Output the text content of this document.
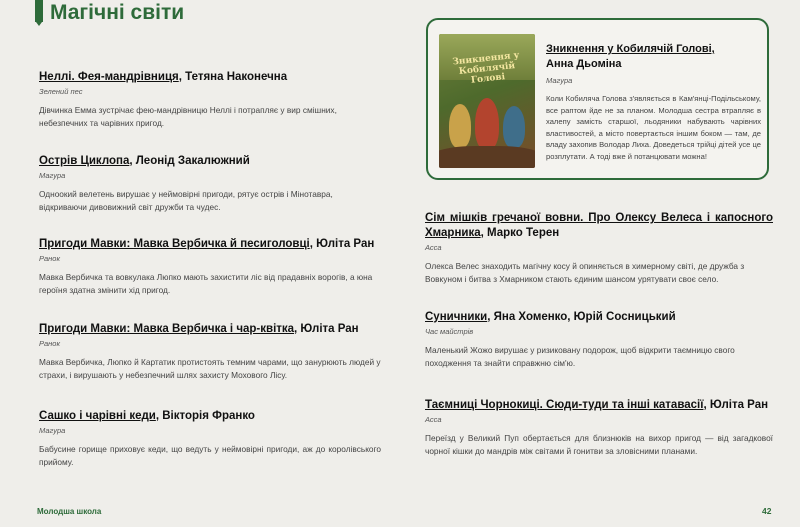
Магічні світи
Неллі. Фея-мандрівниця, Тетяна Наконечна
Зелений пес
Дівчинка Емма зустрічає фею-мандрівницю Неллі і потрапляє у вир смішних, небезпечних та чарівних пригод.
Острів Циклопа, Леонід Закалюжний
Магура
Одноокий велетень вирушає у неймовірні пригоди, рятує острів і Мінотавра, відкриваючи дивовижний світ дружби та чудес.
Пригоди Мавки: Мавка Вербичка й песиголовці, Юліта Ран
Ранок
Мавка Вербичка та вовкулака Люпко мають захистити ліс від прадавніх ворогів, а юна героїня здатна змінити хід пригод.
Пригоди Мавки: Мавка Вербичка і чар-квітка, Юліта Ран
Ранок
Мавка Вербичка, Люпко й Картатик протистоять темним чарами, що занурюють людей у страхи, і вирушають у небезпечний шлях захисту Мохового Лісу.
Сашко і чарівні кеди, Вікторія Франко
Магура
Бабусине горище приховує кеди, що ведуть у неймовірні пригоди, аж до королівського прийому.
Зникнення у Кобилячій Голові
Зникнення у Кобилячій Голові,
Анна Дьоміна
Магура
Коли Кобиляча Голова з'являється в Кам'янці-Подільському, все раптом йде не за планом. Молодша сестра втрапляє в халепу замість старшої, льодяники набувають чарівних властивостей, а місто повертається іншим боком — там, де владу захопив Володар Лиха. Доведеться трійці дітей усе це розплутати. А тоді вже й потанцювати можна!
Сім мішків гречаної вовни. Про Олексу Велеса і капосного Хмарника, Марко Терен
Асса
Олекса Велес знаходить магічну косу й опиняється в химерному світі, де дружба з Вовкуном і битва з Хмарником стають єдиним шансом урятувати своє село.
Суничники, Яна Хоменко, Юрій Сосницький
Час майстрів
Маленький Жожо вирушає у ризиковану подорож, щоб відкрити таємницю свого походження та знайти справжню сім'ю.
Таємниці Чорнокиці. Сюди-туди та інші катавасії, Юліта Ран
Асса
Переїзд у Великий Пуп обертається для близнюків на вихор пригод — від загадкової чорної кішки до мандрів між світами й гонитви за зловісними планами.
Молодша школа	42
